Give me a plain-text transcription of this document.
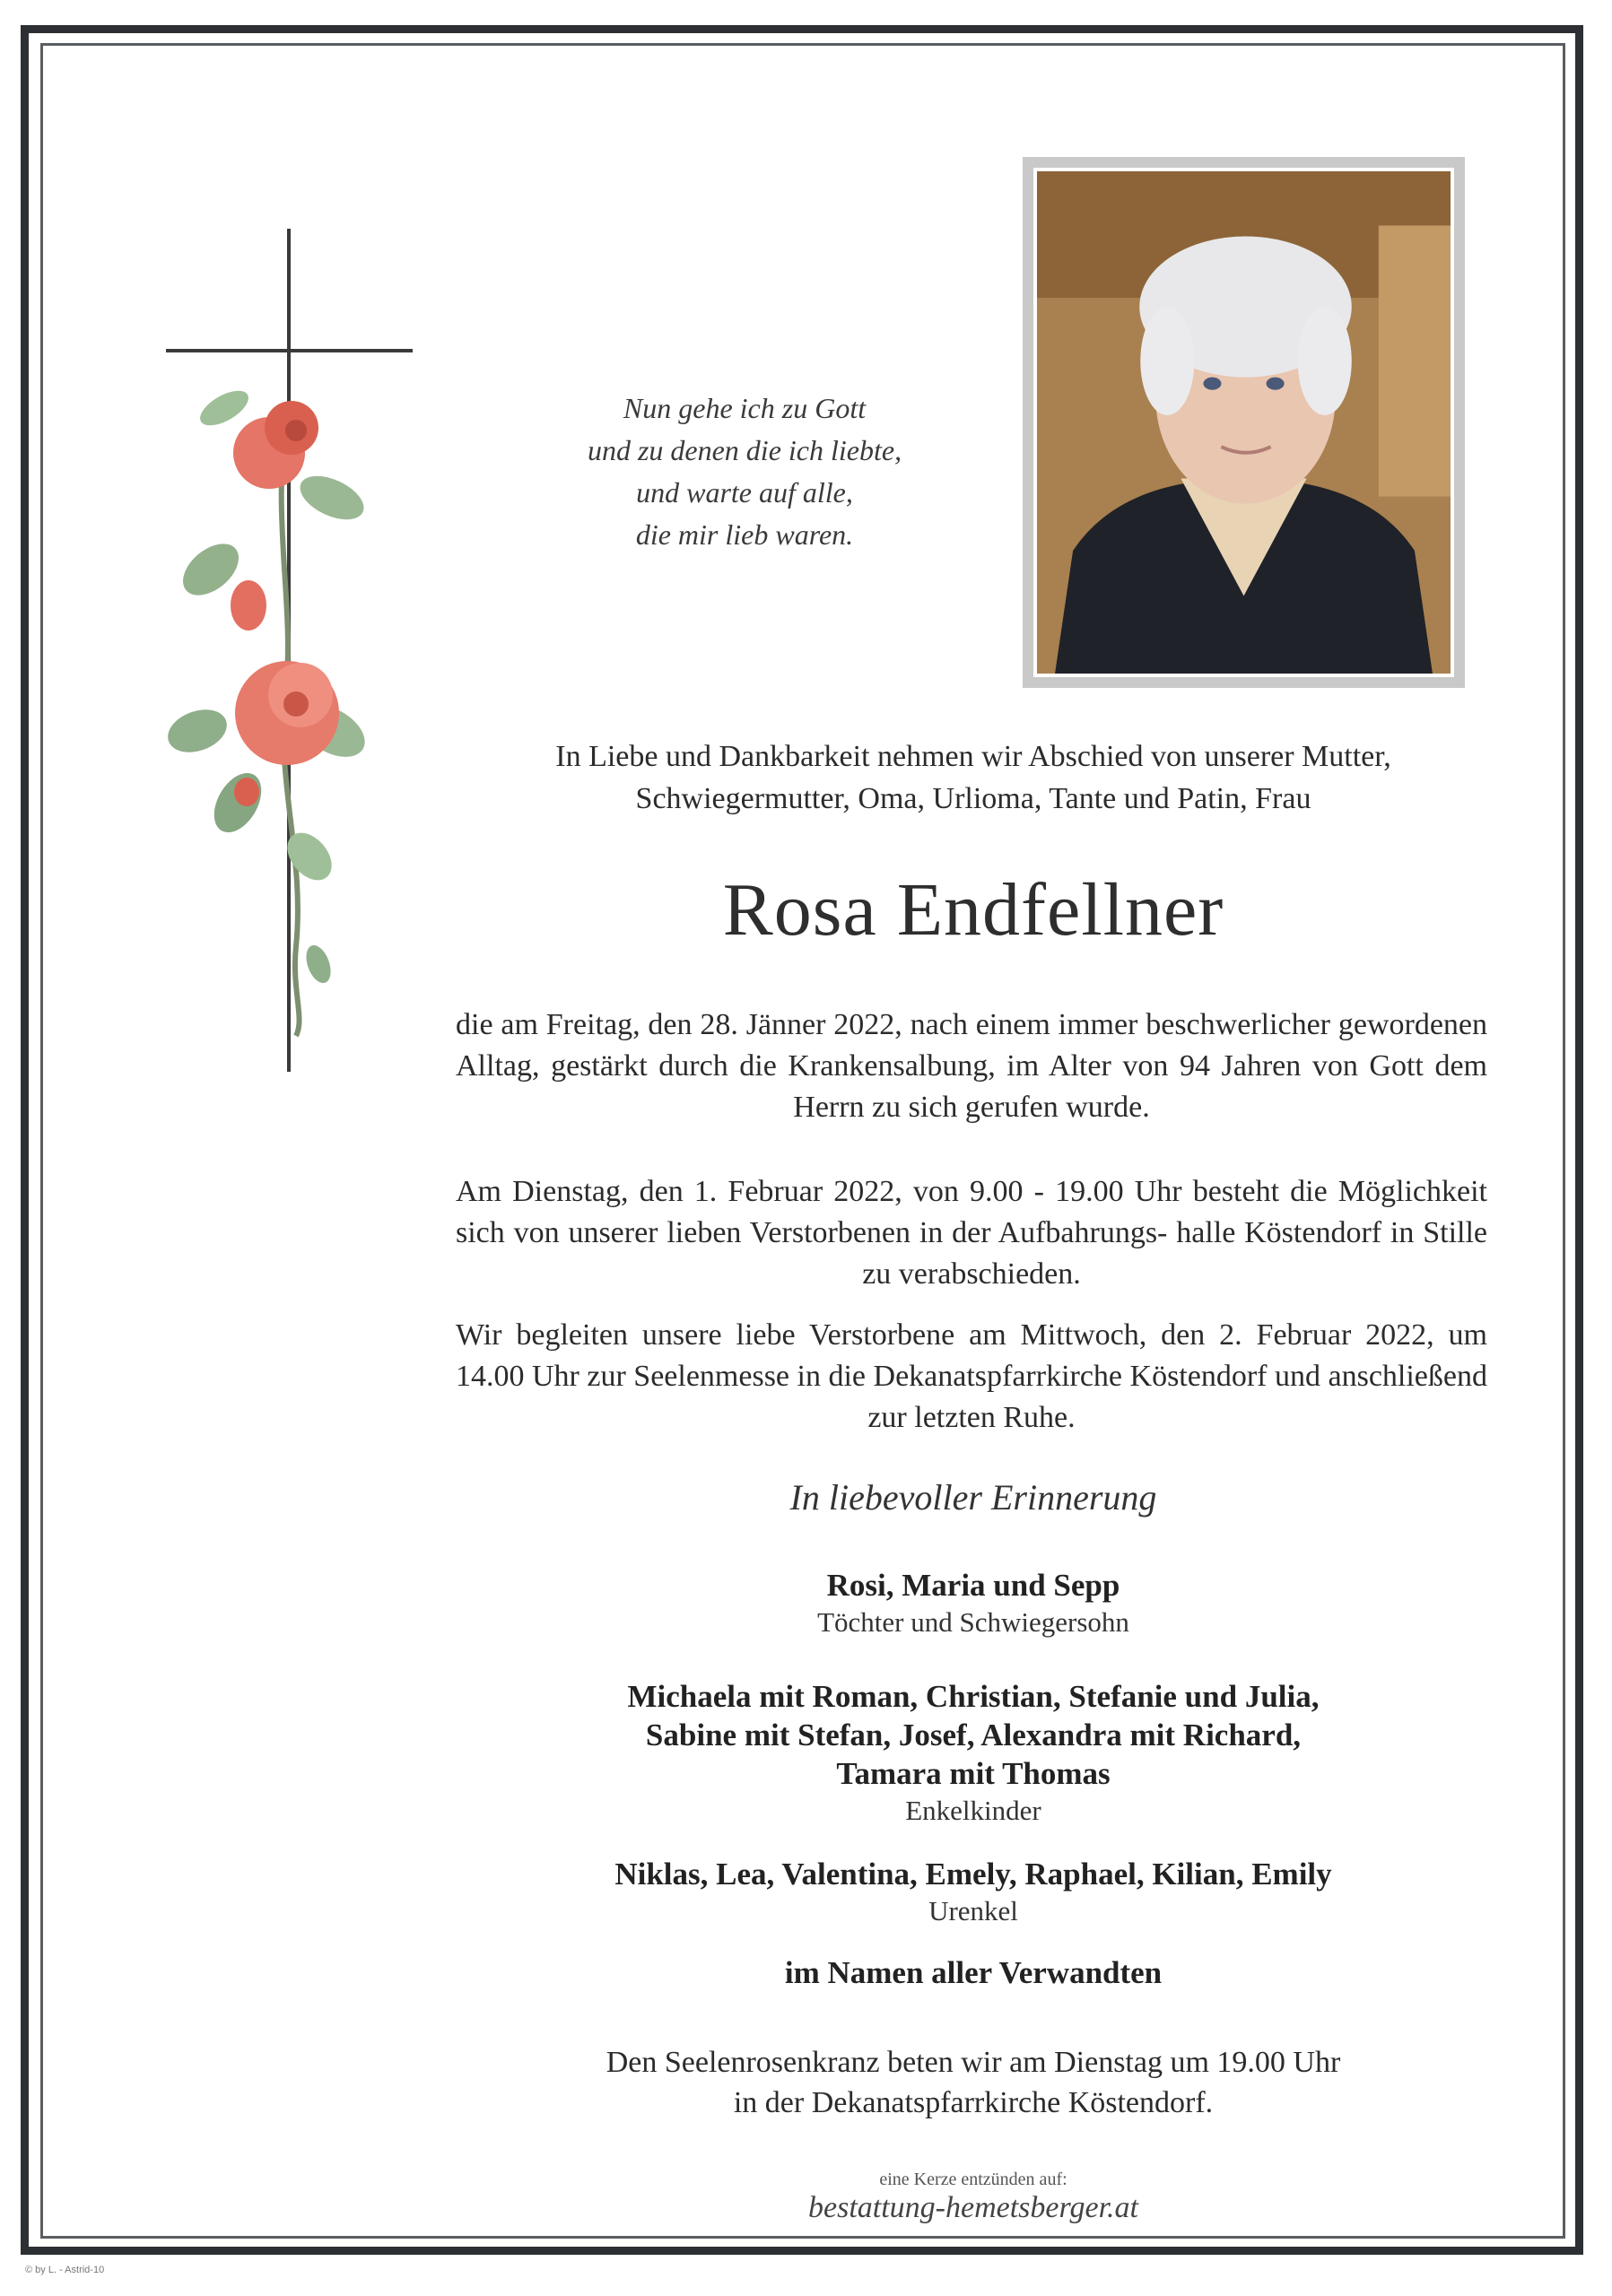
Nun gehe ich zu Gott
und zu denen die ich liebte,
und warte auf alle,
die mir lieb waren.
In Liebe und Dankbarkeit nehmen wir Abschied von unserer Mutter,
Schwiegermutter, Oma, Urlioma, Tante und Patin, Frau
Rosa Endfellner
die am Freitag, den 28. Jänner 2022, nach einem immer beschwerlicher gewordenen Alltag, gestärkt durch die Krankensalbung, im Alter von 94 Jahren von Gott dem Herrn zu sich gerufen wurde.
Am Dienstag, den 1. Februar 2022, von 9.00 - 19.00 Uhr besteht die Möglichkeit sich von unserer lieben Verstorbenen in der Aufbahrungs- halle Köstendorf in Stille zu verabschieden.
Wir begleiten unsere liebe Verstorbene am Mittwoch, den 2. Februar 2022, um 14.00 Uhr zur Seelenmesse in die Dekanatspfarrkirche Köstendorf und anschließend zur letzten Ruhe.
In liebevoller Erinnerung
Rosi, Maria und Sepp
Töchter und Schwiegersohn
Michaela mit Roman, Christian, Stefanie und Julia,
Sabine mit Stefan, Josef, Alexandra mit Richard,
Tamara mit Thomas
Enkelkinder
Niklas, Lea, Valentina, Emely, Raphael, Kilian, Emily
Urenkel
im Namen aller Verwandten
Den Seelenrosenkranz beten wir am Dienstag um 19.00 Uhr
in der Dekanatspfarrkirche Köstendorf.
eine Kerze entzünden auf:
bestattung-hemetsberger.at
© by L. - Astrid-10
